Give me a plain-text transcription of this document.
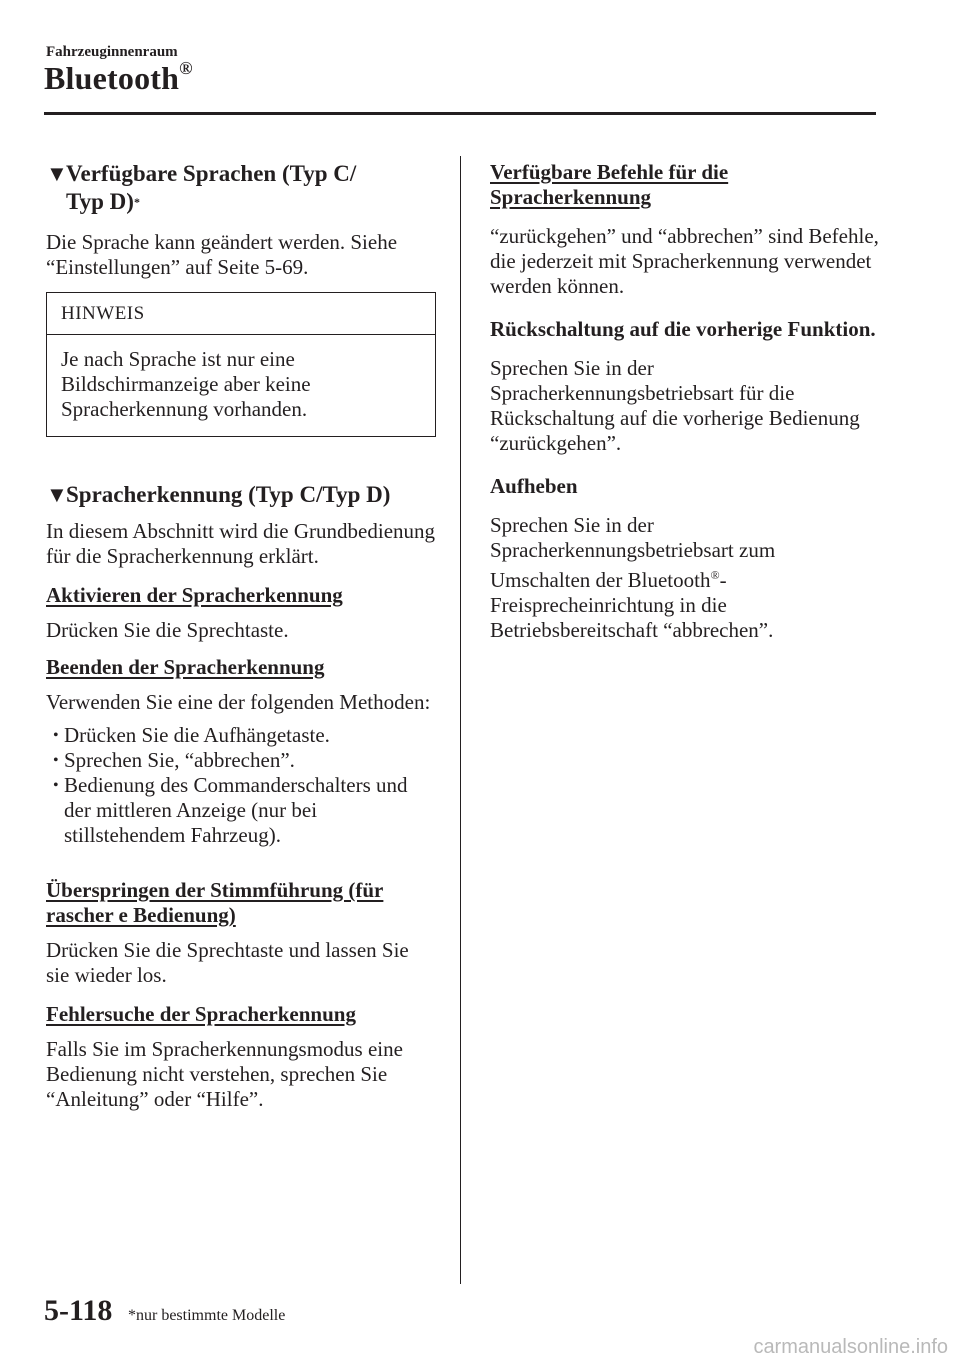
Fahrzeuginnenraum
Bluetooth®
▼
Verfügbare Sprachen (Typ C/
Typ D)*

Die Sprache kann geändert werden. Siehe “Einstellungen” auf Seite 5-69.

HINWEIS
Je nach Sprache ist nur eine Bildschirmanzeige aber keine Spracherkennung vorhanden.
▼
Spracherkennung (Typ C/Typ D)

In diesem Abschnitt wird die Grundbedienung für die Spracherkennung erklärt.

Aktivieren der Spracherkennung

Drücken Sie die Sprechtaste.

Beenden der Spracherkennung

Verwenden Sie eine der folgenden Methoden:

• Drücken Sie die Aufhängetaste.
• Sprechen Sie, “abbrechen”.
• Bedienung des Commanderschalters und der mittleren Anzeige (nur bei stillstehendem Fahrzeug).

Überspringen der Stimmführung (für rascher e Bedienung)

Drücken Sie die Sprechtaste und lassen Sie sie wieder los.

Fehlersuche der Spracherkennung

Falls Sie im Spracherkennungsmodus eine Bedienung nicht verstehen, sprechen Sie “Anleitung” oder “Hilfe”.

Verfügbare Befehle für die Spracherkennung

“zurückgehen” und “abbrechen” sind Befehle, die jederzeit mit Spracherkennung verwendet werden können.

Rückschaltung auf die vorherige Funktion.

Sprechen Sie in der Spracherkennungsbetriebsart für die Rückschaltung auf die vorherige Bedienung “zurückgehen”.

Aufheben

Sprechen Sie in der Spracherkennungsbetriebsart zum Umschalten der Bluetooth®-Freisprecheinrichtung in die Betriebsbereitschaft “abbrechen”.

5-118 *nur bestimmte Modelle
carmanualsonline.info
